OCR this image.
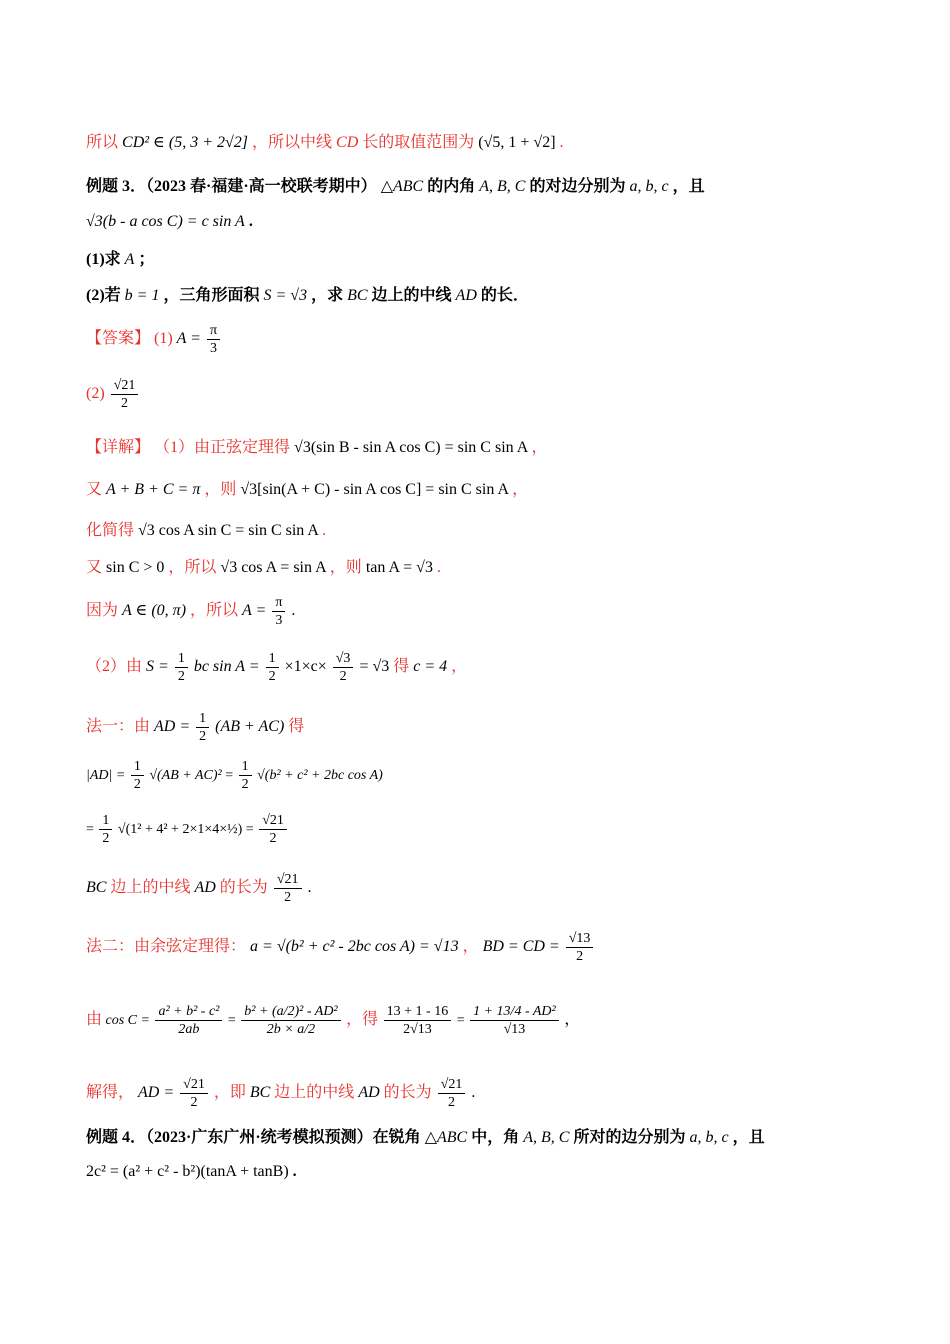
所以 CD² ∈ (5, 3 + 2√2] ，所以中线 CD 长的取值范围为 (√5, 1 + √2] .
例题 3．（2023 春·福建·高一校联考期中） △ABC 的内角 A, B, C 的对边分别为 a, b, c ，且
√3(b - a cos C) = c sin A .
(1)求 A ；
(2)若 b = 1 ，三角形面积 S = √3 ，求 BC 边上的中线 AD 的长．
【答案】 (1) $A = \frac{\pi}{3}$
$(2) \frac{√21}{2}$
【详解】 （1）由正弦定理得 √3(sin B - sin A cos C) = sin C sin A ，
又 A + B + C = π ，则 √3[sin(A + C) - sin A cos C] = sin C sin A ，
化简得 √3 cos A sin C = sin C sin A .
又 sin C > 0 ，所以 √3 cos A = sin A ，则 tan A = √3 .
因为 A ∈ (0, π) ，所以 $A = \frac{\pi}{3}$ .
（2）由 $S = \frac{1}{2}$ bc $\sin A = \frac{1}{2} \times 1\times c\times \frac{√3}{2} = √3$ 得 c = 4 ，
法一：由 AD = $\frac{1}{2} (AB + AC)$ 得
$|AD| = \frac{1}{2} √(AB + AC)^2 = \frac{1}{2} √(b^2 + c^2 + 2bc$ cos A)
= $\frac{1}{2} √(1^2 + 4^2$ + 2×1×4×½) = $\frac{√21}{2}$
BC 边上的中线 AD 的长为 $\frac{√21}{2}$ .
法二：由余弦定理得： a = √(b² + c² - 2bc cos A) = √13 ， BD = CD = $\frac{√13}{2}$
由 $\cos C = \frac{\text{a² + b² - c²}}{2ab} = \frac{\text{b² + (a/2)² - AD²}}{2b \times a/2}$ ，得 $\frac{13 + 1 - 16}{2√13} = \frac{\text{1 + 13/4 - AD²}}{√13}$ ，
解得， AD = $\frac{√21}{2}$ ，即 BC 边上的中线 AD 的长为 $\frac{√21}{2}$ .
例题 4．（2023·广东广州·统考模拟预测）在锐角 △ABC 中，角 A, B, C 所对的边分别为 a, b, c ，且
2c² = (a² + c² - b²)(tanA + tanB) .
